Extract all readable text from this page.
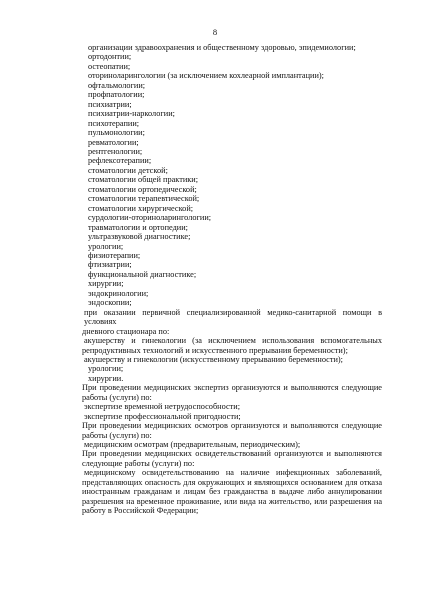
8
организации здравоохранения и общественному здоровью, эпидемиологии;
ортодонтии;
остеопатии;
оториноларингологии (за исключением кохлеарной имплантации);
офтальмологии;
профпатологии;
психиатрии;
психиатрии-наркологии;
психотерапии;
пульмонологии;
ревматологии;
рентгенологии;
рефлексотерапии;
стоматологии детской;
стоматологии общей практики;
стоматологии ортопедической;
стоматологии терапевтической;
стоматологии хирургической;
сурдологии-оториноларингологии;
травматологии и ортопедии;
ультразвуковой диагностике;
урологии;
физиотерапии;
фтизиатрии;
функциональной диагностике;
хирургии;
эндокринологии;
эндоскопии;
при оказании первичной специализированной медико-санитарной помощи в условиях
дневного стационара по:
акушерству и гинекологии (за исключением использования вспомогательных
репродуктивных технологий и искусственного прерывания беременности);
акушерству и гинекологии (искусственному прерыванию беременности);
урологии;
хирургии.
При проведении медицинских экспертиз организуются и выполняются следующие
работы (услуги) по:
экспертизе временной нетрудоспособности;
экспертизе профессиональной пригодности;
При проведении медицинских осмотров организуются и выполняются следующие
работы (услуги) по:
медицинским осмотрам (предварительным, периодическим);
При проведении медицинских освидетельствований организуются и выполняются
следующие работы (услуги) по:
медицинскому освидетельствованию на наличие инфекционных заболеваний,
представляющих опасность для окружающих и являющихся основанием для отказа
иностранным гражданам и лицам без гражданства в выдаче либо аннулировании
разрешения на временное проживание, или вида на жительство, или разрешения на
работу в Российской Федерации;
